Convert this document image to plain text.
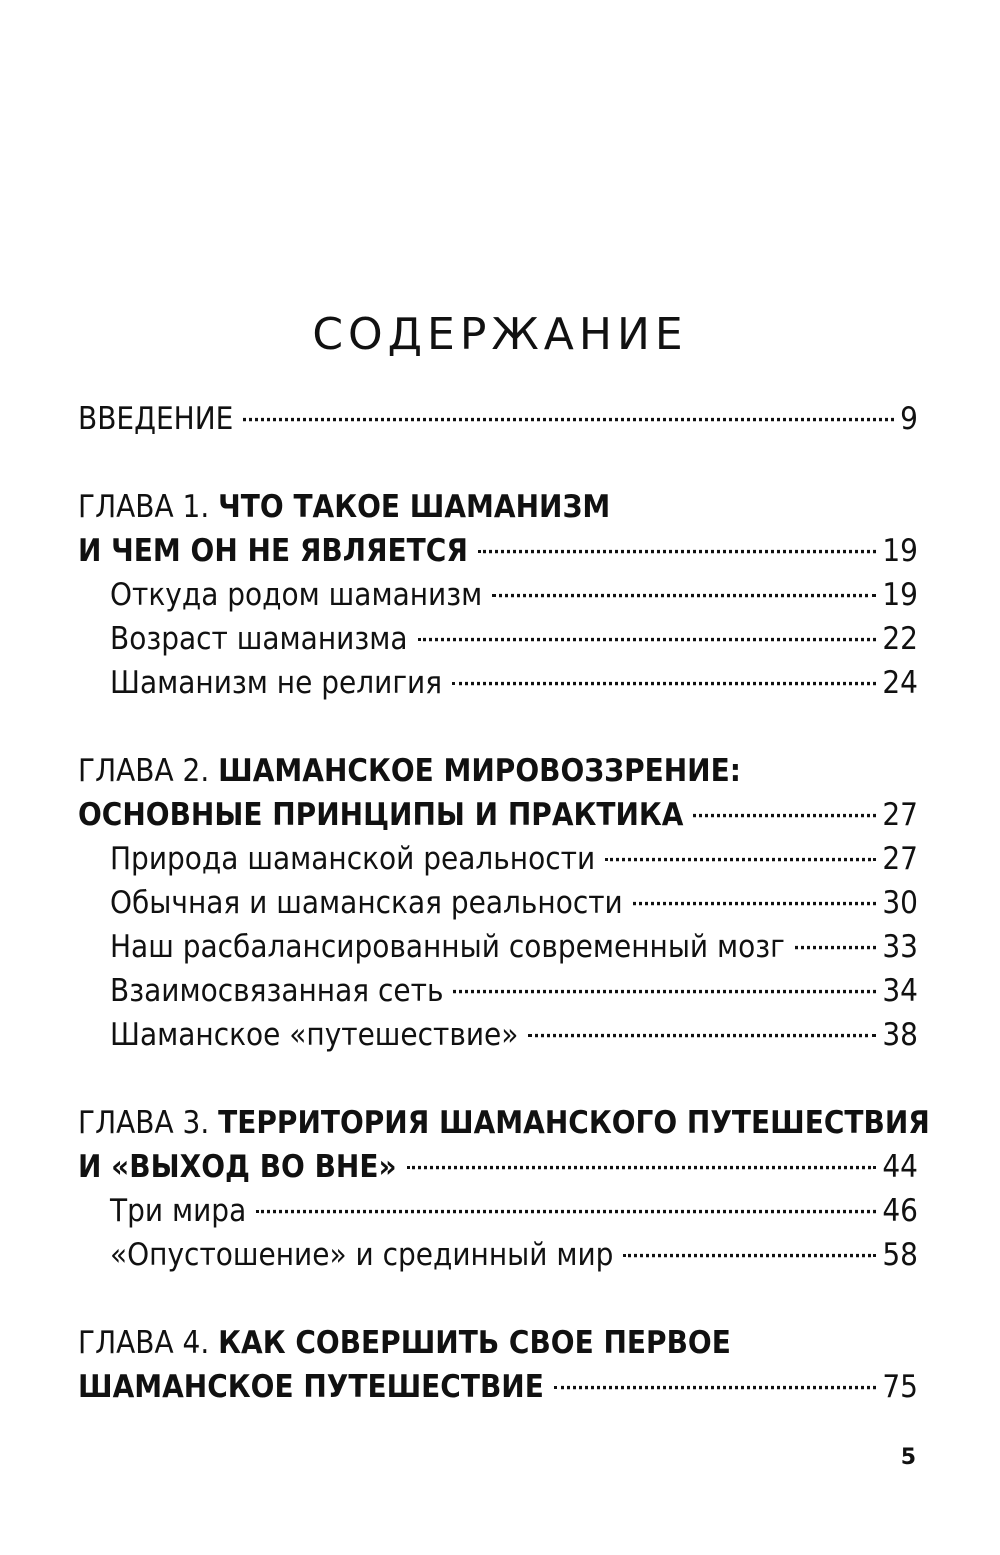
СОДЕРЖАНИЕ
ВВЕДЕНИЕ	9
ГЛАВА 1. ЧТО ТАКОЕ ШАМАНИЗМ
И ЧЕМ ОН НЕ ЯВЛЯЕТСЯ	19
Откуда родом шаманизм	19
Возраст шаманизма	22
Шаманизм не религия	24
ГЛАВА 2. ШАМАНСКОЕ МИРОВОЗЗРЕНИЕ:
ОСНОВНЫЕ ПРИНЦИПЫ И ПРАКТИКА	27
Природа шаманской реальности	27
Обычная и шаманская реальности	30
Наш расбалансированный современный мозг	33
Взаимосвязанная сеть	34
Шаманское «путешествие»	38
ГЛАВА 3. ТЕРРИТОРИЯ ШАМАНСКОГО ПУТЕШЕСТВИЯ
И «ВЫХОД ВО ВНЕ»	44
Три мира	46
«Опустошение» и срединный мир	58
ГЛАВА 4. КАК СОВЕРШИТЬ СВОЕ ПЕРВОЕ
ШАМАНСКОЕ ПУТЕШЕСТВИЕ	75
5
